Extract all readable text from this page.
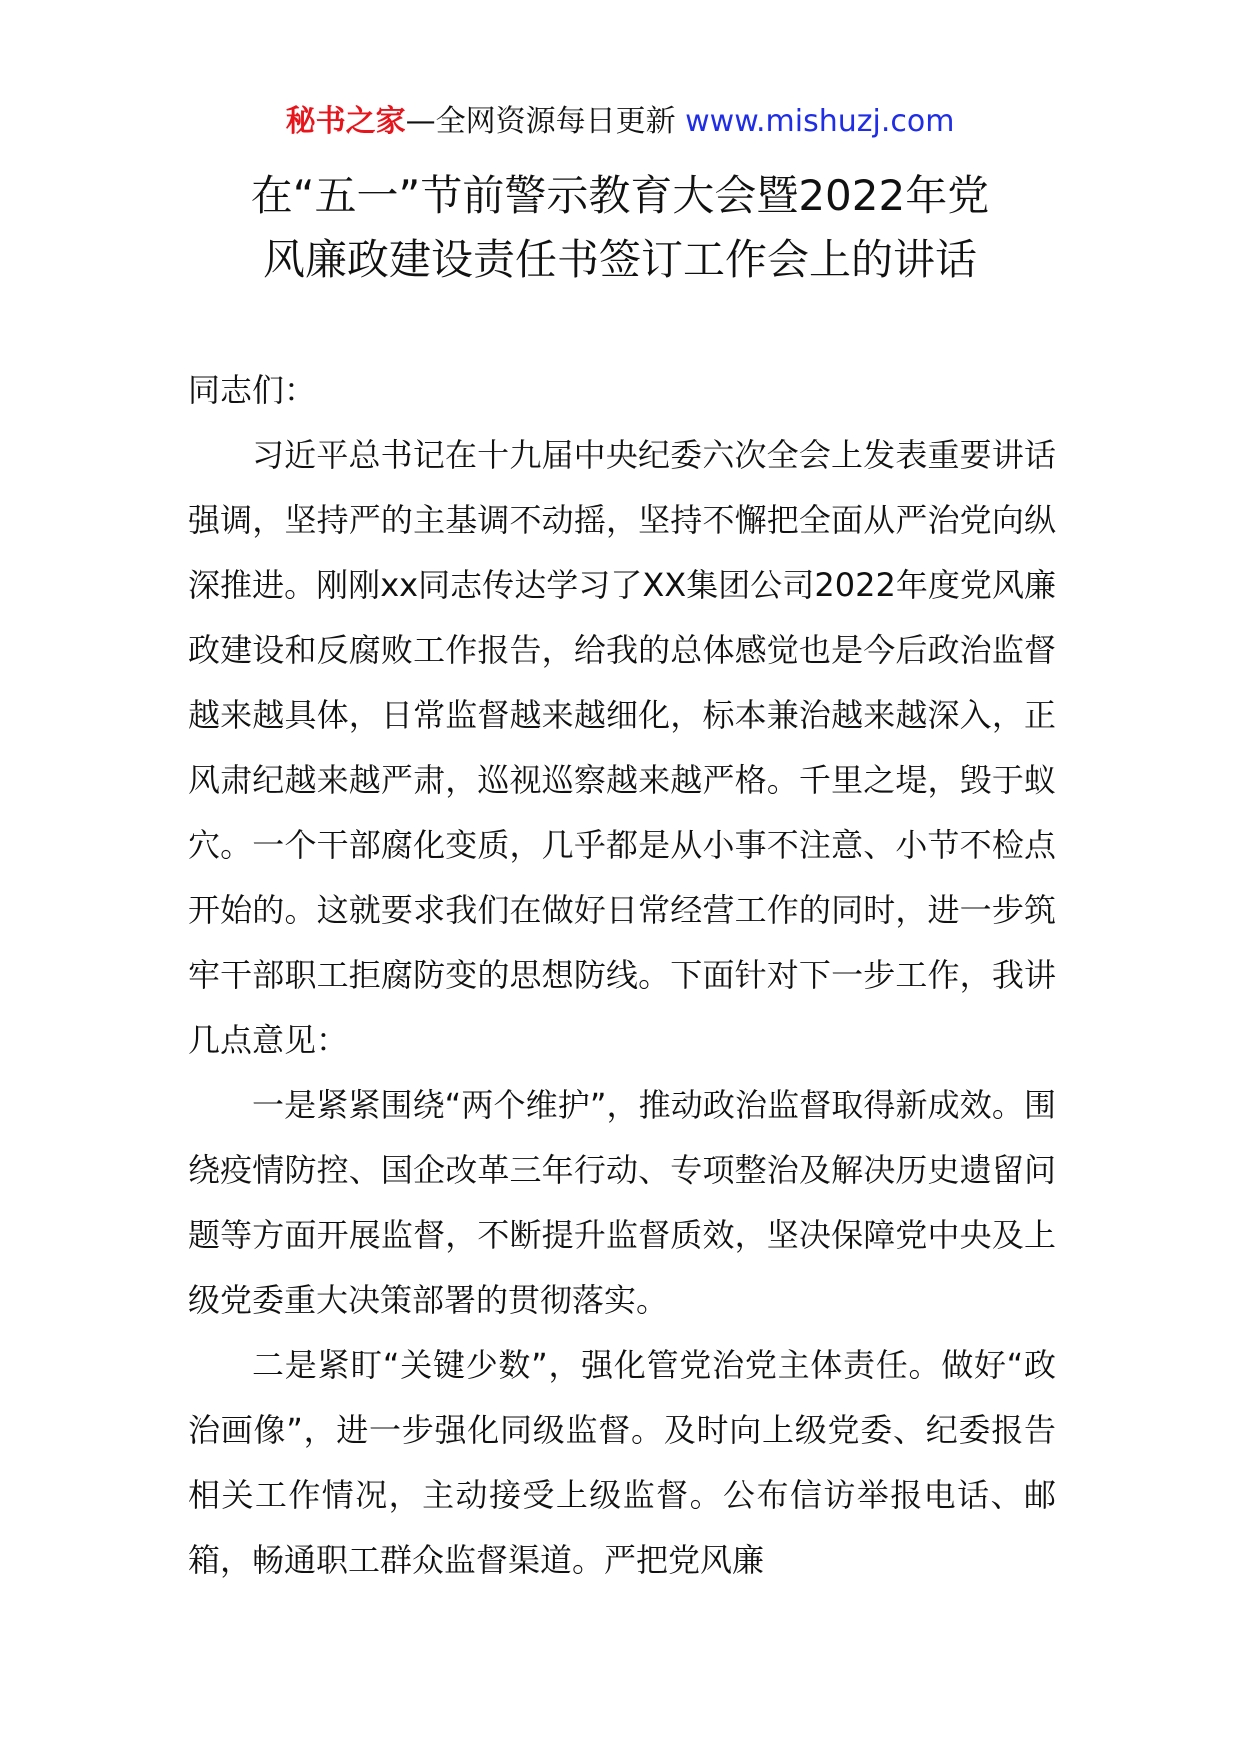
秘书之家—全网资源每日更新 www.mishuzj.com
在“五一”节前警示教育大会暨2022年党
风廉政建设责任书签订工作会上的讲话

同志们：

习近平总书记在十九届中央纪委六次全会上发表重要讲话强调，坚持严的主基调不动摇，坚持不懈把全面从严治党向纵深推进。刚刚xx同志传达学习了XX集团公司2022年度党风廉政建设和反腐败工作报告，给我的总体感觉也是今后政治监督越来越具体，日常监督越来越细化，标本兼治越来越深入，正风肃纪越来越严肃，巡视巡察越来越严格。千里之堤，毁于蚁穴。一个干部腐化变质，几乎都是从小事不注意、小节不检点开始的。这就要求我们在做好日常经营工作的同时，进一步筑牢干部职工拒腐防变的思想防线。下面针对下一步工作，我讲几点意见：

一是紧紧围绕“两个维护”，推动政治监督取得新成效。围绕疫情防控、国企改革三年行动、专项整治及解决历史遗留问题等方面开展监督，不断提升监督质效，坚决保障党中央及上级党委重大决策部署的贯彻落实。

二是紧盯“关键少数”，强化管党治党主体责任。做好“政治画像”，进一步强化同级监督。及时向上级党委、纪委报告相关工作情况，主动接受上级监督。公布信访举报电话、邮箱，畅通职工群众监督渠道。严把党风廉
